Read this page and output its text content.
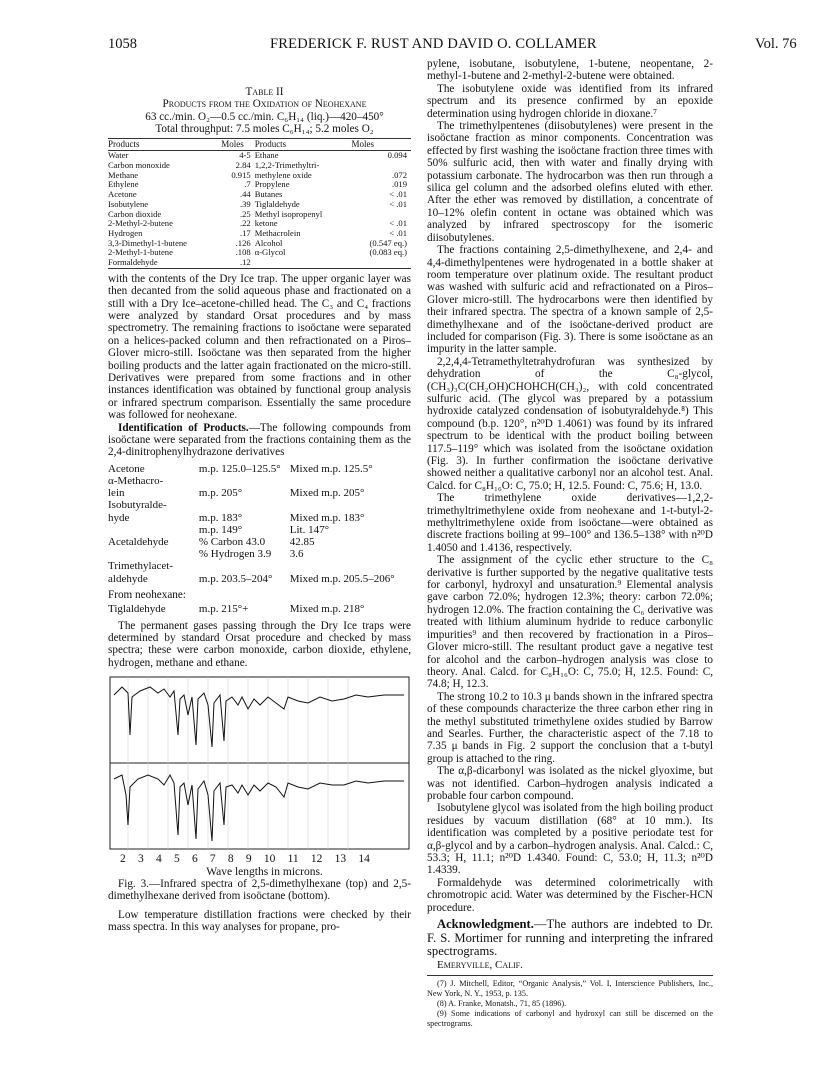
1058	FREDERICK F. RUST AND DAVID O. COLLAMER	Vol. 76

Table II

Products from the Oxidation of Neohexane

63 cc./min. O₂—0.5 cc./min. C₆H₁₄ (liq.)—420–450°

Total throughput: 7.5 moles C₆H₁₄; 5.2 moles O₂

Products	Moles	Products	Moles
Water	4-5	Ethane	0.094
Carbon monoxide	2.84	1,2,2-Trimethyltri-	
Methane	0.915	methylene oxide	.072
Ethylene	.7	Propylene	.019
Acetone	.44	Butanes	< .01
Isobutylene	.39	Tiglaldehyde	< .01
Carbon dioxide	.25	Methyl isopropenyl	
2-Methyl-2-butene	.22	ketone	< .01
Hydrogen	.17	Methacrolein	< .01
3,3-Dimethyl-1-butene	.126	Alcohol	(0.547 eq.)
2-Methyl-1-butene	.108	α-Glycol	(0.083 eq.)
Formaldehyde	.12		

with the contents of the Dry Ice trap. The upper organic layer was then decanted from the solid aqueous phase and fractionated on a still with a Dry Ice–acetone-chilled head. The C₃ and C₄ fractions were analyzed by standard Orsat procedures and by mass spectrometry. The remaining fractions to isoöctane were separated on a helices-packed column and then refractionated on a Piros–Glover micro-still. Isoöctane was then separated from the higher boiling products and the latter again fractionated on the micro-still. Derivatives were prepared from some fractions and in other instances identification was obtained by functional group analysis or infrared spectrum comparison. Essentially the same procedure was followed for neohexane.

Identification of Products.—The following compounds from isoöctane were separated from the fractions containing them as the 2,4-dinitrophenylhydrazone derivatives

Acetone	m.p. 125.0–125.5°	Mixed m.p. 125.5°
α-Methacro-		
lein	m.p. 205°	Mixed m.p. 205°
Isobutyralde-		
hyde	m.p. 183°	Mixed m.p. 183°
	m.p. 149°	Lit. 147°
Acetaldehyde	% Carbon 43.0	42.85
	% Hydrogen 3.9	3.6
Trimethylacet-		
aldehyde	m.p. 203.5–204°	Mixed m.p. 205.5–206°
From neohexane:
Tiglaldehyde	m.p. 215°+	Mixed m.p. 218°

The permanent gases passing through the Dry Ice traps were determined by standard Orsat procedure and checked by mass spectra; these were carbon monoxide, carbon dioxide, ethylene, hydrogen, methane and ethane.

2 3 4 5 6 7 8 9 10 11 12 13 14

Wave lengths in microns.

Fig. 3.—Infrared spectra of 2,5-dimethylhexane (top) and 2,5-dimethylhexane derived from isoöctane (bottom).

Low temperature distillation fractions were checked by their mass spectra. In this way analyses for propane, pro-

pylene, isobutane, isobutylene, 1-butene, neopentane, 2-methyl-1-butene and 2-methyl-2-butene were obtained.

The isobutylene oxide was identified from its infrared spectrum and its presence confirmed by an epoxide determination using hydrogen chloride in dioxane.⁷

The trimethylpentenes (diisobutylenes) were present in the isoöctane fraction as minor components. Concentration was effected by first washing the isoöctane fraction three times with 50% sulfuric acid, then with water and finally drying with potassium carbonate. The hydrocarbon was then run through a silica gel column and the adsorbed olefins eluted with ether. After the ether was removed by distillation, a concentrate of 10–12% olefin content in octane was obtained which was analyzed by infrared spectroscopy for the isomeric diisobutylenes.

The fractions containing 2,5-dimethylhexene, and 2,4- and 4,4-dimethylpentenes were hydrogenated in a bottle shaker at room temperature over platinum oxide. The resultant product was washed with sulfuric acid and refractionated on a Piros–Glover micro-still. The hydrocarbons were then identified by their infrared spectra. The spectra of a known sample of 2,5-dimethylhexane and of the isoöctane-derived product are included for comparison (Fig. 3). There is some isoöctane as an impurity in the latter sample.

2,2,4,4-Tetramethyltetrahydrofuran was synthesized by dehydration of the C₈-glycol, (CH₃)₃C(CH₂OH)CHOHCH(CH₃)₂, with cold concentrated sulfuric acid. (The glycol was prepared by a potassium hydroxide catalyzed condensation of isobutyraldehyde.⁸) This compound (b.p. 120°, n²⁰D 1.4061) was found by its infrared spectrum to be identical with the product boiling between 117.5–119° which was isolated from the isoöctane oxidation (Fig. 3). In further confirmation the isoöctane derivative showed neither a qualitative carbonyl nor an alcohol test. Anal. Calcd. for C₈H₁₆O: C, 75.0; H, 12.5. Found: C, 75.6; H, 13.0.

The trimethylene oxide derivatives—1,2,2-trimethyltrimethylene oxide from neohexane and 1-t-butyl-2-methyltrimethylene oxide from isoöctane—were obtained as discrete fractions boiling at 99–100° and 136.5–138° with n²⁰D 1.4050 and 1.4136, respectively.

The assignment of the cyclic ether structure to the C₈ derivative is further supported by the negative qualitative tests for carbonyl, hydroxyl and unsaturation.⁹ Elemental analysis gave carbon 72.0%; hydrogen 12.3%; theory: carbon 72.0%; hydrogen 12.0%. The fraction containing the C₆ derivative was treated with lithium aluminum hydride to reduce carbonylic impurities⁹ and then recovered by fractionation in a Piros–Glover micro-still. The resultant product gave a negative test for alcohol and the carbon–hydrogen analysis was close to theory. Anal. Calcd. for C₈H₁₆O: C, 75.0; H, 12.5. Found: C, 74.8; H, 12.3.

The strong 10.2 to 10.3 μ bands shown in the infrared spectra of these compounds characterize the three carbon ether ring in the methyl substituted trimethylene oxides studied by Barrow and Searles. Further, the characteristic aspect of the 7.18 to 7.35 μ bands in Fig. 2 support the conclusion that a t-butyl group is attached to the ring.

The α,β-dicarbonyl was isolated as the nickel glyoxime, but was not identified. Carbon–hydrogen analysis indicated a probable four carbon compound.

Isobutylene glycol was isolated from the high boiling product residues by vacuum distillation (68° at 10 mm.). Its identification was completed by a positive periodate test for α,β-glycol and by a carbon–hydrogen analysis. Anal. Calcd.: C, 53.3; H, 11.1; n²⁰D 1.4340. Found: C, 53.0; H, 11.3; n²⁰D 1.4339.

Formaldehyde was determined colorimetrically with chromotropic acid. Water was determined by the Fischer-HCN procedure.

Acknowledgment.—The authors are indebted to Dr. F. S. Mortimer for running and interpreting the infrared spectrograms.

Emeryville, Calif.

(7) J. Mitchell, Editor, “Organic Analysis,” Vol. I, Interscience Publishers, Inc., New York, N. Y., 1953, p. 135.

(8) A. Franke, Monatsh., 71, 85 (1896).

(9) Some indications of carbonyl and hydroxyl can still be discerned on the spectrograms.
